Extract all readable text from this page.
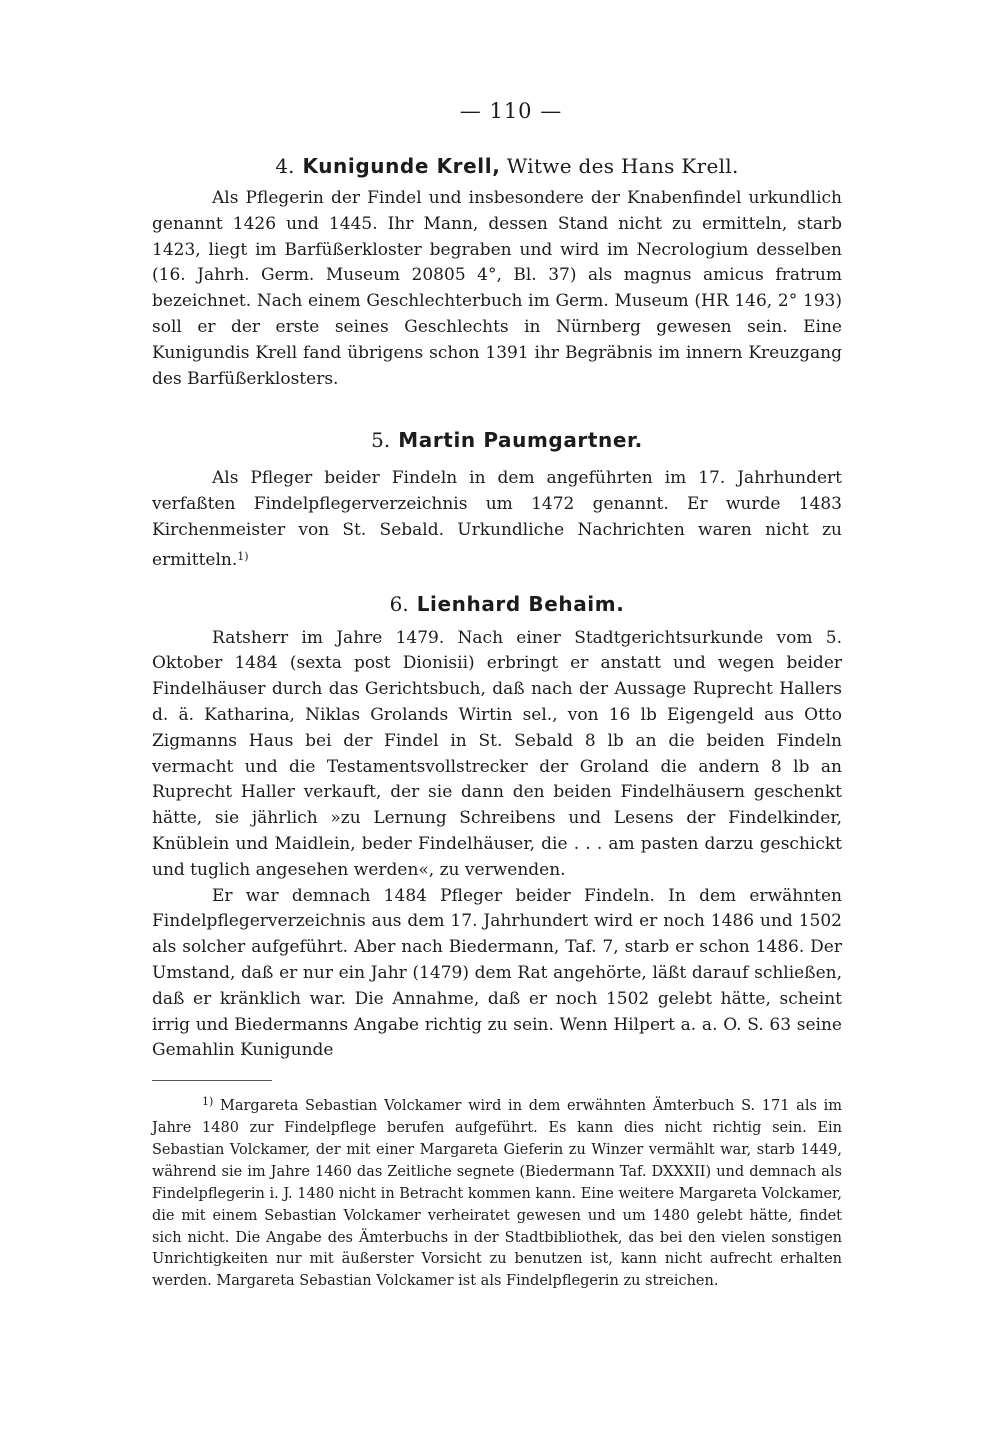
— 110 —
4. Kunigunde Krell, Witwe des Hans Krell.

Als Pflegerin der Findel und insbesondere der Knabenfindel urkundlich genannt 1426 und 1445. Ihr Mann, dessen Stand nicht zu ermitteln, starb 1423, liegt im Barfüßerkloster begraben und wird im Necrologium desselben (16. Jahrh. Germ. Museum 20805 4°, Bl. 37) als magnus amicus fratrum bezeichnet. Nach einem Geschlechterbuch im Germ. Museum (HR 146, 2° 193) soll er der erste seines Geschlechts in Nürnberg gewesen sein. Eine Kunigundis Krell fand übrigens schon 1391 ihr Begräbnis im innern Kreuzgang des Barfüßerklosters.

5. Martin Paumgartner.

Als Pfleger beider Findeln in dem angeführten im 17. Jahrhundert verfaßten Findelpflegerverzeichnis um 1472 genannt. Er wurde 1483 Kirchenmeister von St. Sebald. Urkundliche Nachrichten waren nicht zu ermitteln.$^{1)}$

6. Lienhard Behaim.

Ratsherr im Jahre 1479. Nach einer Stadtgerichtsurkunde vom 5. Oktober 1484 (sexta post Dionisii) erbringt er anstatt und wegen beider Findelhäuser durch das Gerichtsbuch, daß nach der Aussage Ruprecht Hallers d. ä. Katharina, Niklas Grolands Wirtin sel., von 16 lb Eigengeld aus Otto Zigmanns Haus bei der Findel in St. Sebald 8 lb an die beiden Findeln vermacht und die Testamentsvollstrecker der Groland die andern 8 lb an Ruprecht Haller verkauft, der sie dann den beiden Findelhäusern geschenkt hätte, sie jährlich »zu Lernung Schreibens und Lesens der Findelkinder, Knüblein und Maidlein, beder Findelhäuser, die . . . am pasten darzu geschickt und tuglich angesehen werden«, zu verwenden.

Er war demnach 1484 Pfleger beider Findeln. In dem erwähnten Findelpflegerverzeichnis aus dem 17. Jahrhundert wird er noch 1486 und 1502 als solcher aufgeführt. Aber nach Biedermann, Taf. 7, starb er schon 1486. Der Umstand, daß er nur ein Jahr (1479) dem Rat angehörte, läßt darauf schließen, daß er kränklich war. Die Annahme, daß er noch 1502 gelebt hätte, scheint irrig und Biedermanns Angabe richtig zu sein. Wenn Hilpert a. a. O. S. 63 seine Gemahlin Kunigunde

$^{1)}$ Margareta Sebastian Volckamer wird in dem erwähnten Ämterbuch S. 171 als im Jahre 1480 zur Findelpflege berufen aufgeführt. Es kann dies nicht richtig sein. Ein Sebastian Volckamer, der mit einer Margareta Gieferin zu Winzer vermählt war, starb 1449, während sie im Jahre 1460 das Zeitliche segnete (Biedermann Taf. DXXXII) und demnach als Findelpflegerin i. J. 1480 nicht in Betracht kommen kann. Eine weitere Margareta Volckamer, die mit einem Sebastian Volckamer verheiratet gewesen und um 1480 gelebt hätte, findet sich nicht. Die Angabe des Ämterbuchs in der Stadtbibliothek, das bei den vielen sonstigen Unrichtigkeiten nur mit äußerster Vorsicht zu benutzen ist, kann nicht aufrecht erhalten werden. Margareta Sebastian Volckamer ist als Findelpflegerin zu streichen.
